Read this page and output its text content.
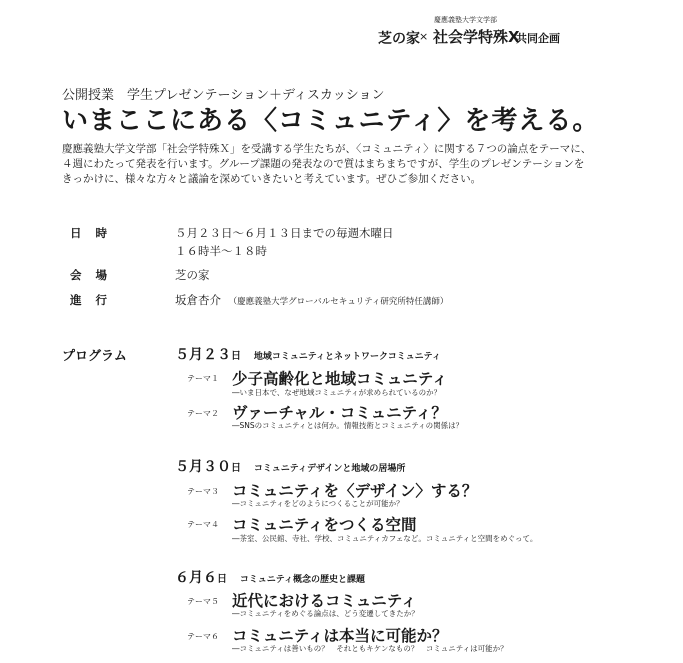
芝の家 ×
慶應義塾大学文学部
社会学特殊X
共同企画
公開授業　学生プレゼンテーション＋ディスカッション
いまここにある〈コミュニティ〉を考える。
慶應義塾大学文学部「社会学特殊Ｘ」を受講する学生たちが、〈コミュニティ〉に関する７つの論点をテーマに、４週にわたって発表を行います。グループ課題の発表なので質はまちまちですが、学生のプレゼンテーションをきっかけに、様々な方々と議論を深めていきたいと考えています。ぜひご参加ください。
日時	５月２３日〜６月１３日までの毎週木曜日
１６時半〜１８時
会場	芝の家
進行	坂倉杏介 （慶應義塾大学グローバルセキュリティ研究所特任講師）
プログラム	５月２３日 地域コミュニティとネットワークコミュニティ
テーマ１ 少子高齢化と地域コミュニティ
―いま日本で、なぜ地域コミュニティが求められているのか？
テーマ２ ヴァーチャル・コミュニティ？
―SNSのコミュニティとは何か。情報技術とコミュニティの関係は？
５月３０日 コミュニティデザインと地域の居場所
テーマ３ コミュニティを〈デザイン〉する？
―コミュニティをどのようにつくることが可能か？
テーマ４ コミュニティをつくる空間
―茶室、公民館、寺社、学校、コミュニティカフェなど。コミュニティと空間をめぐって。
６月６日 コミュニティ概念の歴史と課題
テーマ５ 近代におけるコミュニティ
―コミュニティをめぐる論点は、どう変遷してきたか？
テーマ６ コミュニティは本当に可能か？
―コミュニティは善いもの？　それともキケンなもの？　コミュニティは可能か？
